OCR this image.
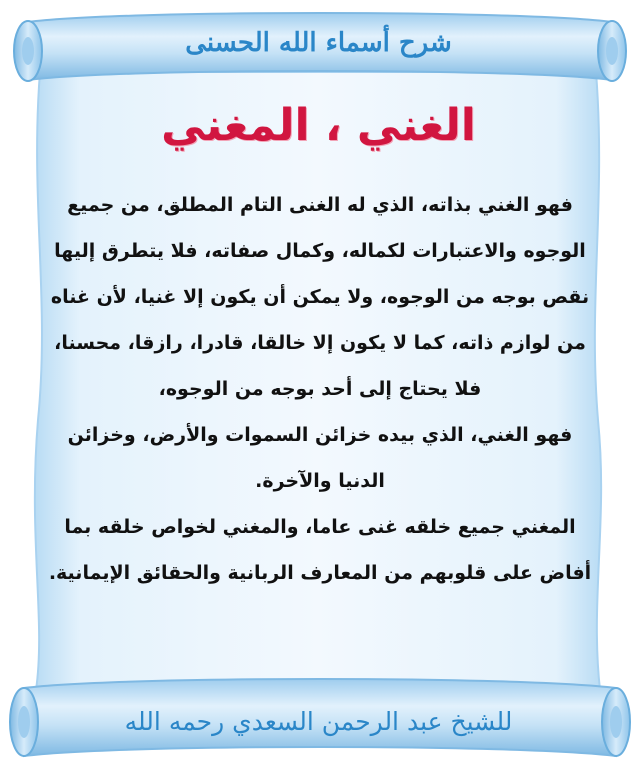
شرح أسماء الله الحسنى
الغني ، المغني

فهو الغني بذاته، الذي له الغنى التام المطلق، من جميع الوجوه والاعتبارات لكماله، وكمال صفاته، فلا يتطرق إليها نقص بوجه من الوجوه، ولا يمكن أن يكون إلا غنيا، لأن غناه من لوازم ذاته، كما لا يكون إلا خالقا، قادرا، رازقا، محسنا، فلا يحتاج إلى أحد بوجه من الوجوه،

فهو الغني، الذي بيده خزائن السموات والأرض، وخزائن الدنيا والآخرة.

المغني جميع خلقه غنى عاما، والمغني لخواص خلقه بما أفاض على قلوبهم من المعارف الربانية والحقائق الإيمانية.

للشيخ عبد الرحمن السعدي رحمه الله
